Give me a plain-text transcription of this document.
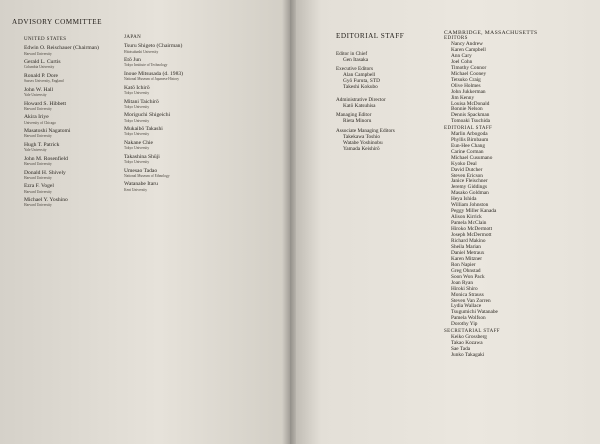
ADVISORY COMMITTEE
UNITED STATES
Edwin O. Reischauer (Chairman)
Harvard University
Gerald L. Curtis
Columbia University
Ronald P. Dore
Sussex University, England
John W. Hall
Yale University
Howard S. Hibbett
Harvard University
Akira Iriye
University of Chicago
Masatoshi Nagatomi
Harvard University
Hugh T. Patrick
Yale University
John M. Rosenfield
Harvard University
Donald H. Shively
Harvard University
Ezra F. Vogel
Harvard University
Michael Y. Yoshino
Harvard University
JAPAN
Tsuru Shigeto (Chairman)
Hitotsubashi University
Etō Jun
Tokyo Institute of Technology
Inoue Mitsusada (d. 1983)
National Museum of Japanese History
Katō Ichirō
Tokyo University
Mitani Taichirō
Tokyo University
Moriguchi Shigeichi
Tokyo University
Mukaibō Takashi
Tokyo University
Nakane Chie
Tokyo University
Takashina Shūji
Tokyo University
Umesao Tadao
National Museum of Ethnology
Watanabe Itaru
Kent University
EDITORIAL STAFF
Editor in Chief
Gen Itasaka
Executive Editors
Alan Campbell
Gyō Furuta, STD
Takeshi Kokubo
Administrative Director
Katō Katsuhisa
Managing Editor
Rieta Minoru
Associate Managing Editors
Takekawa Toshio
Watabe Yoshinobu
Yamada Keishirō
CAMBRIDGE, MASSACHUSETTS
EDITORS
Nancy Andrew
Karen Campbell
Ann Cary
Joel Cohn
Timothy Connor
Michael Cooney
Tetsuko Craig
Olive Holmes
John Jukkerman
Jim Kenny
Louisa McDonald
Bonnie Nelson
Dennis Spackman
Tomoaki Tsuchida
EDITORIAL STAFF
Marlin Arbogoda
Phyllis Birnbaum
Eun-Hee Chang
Carine Corman
Michael Cusumano
Kyoko Deal
David Dutcher
Steven Ericson
Janice Fleischner
Jeremy Giddings
Masako Goldman
Heya Ishida
William Johnston
Peggy Miller Kanada
Alison Kirrick
Pamela McClain
Hiroko McDermott
Joseph McDermott
Richard Makino
Sheila Marian
Daniel Metraux
Karen Mitzner
Ron Napier
Greg Ohnstad
Soon Won Pack
Joan Ryan
Hiroki Shiro
Monica Strauss
Steven Van Zorren
Lydia Wallace
Tsugumichi Watanabe
Pamela Wolfson
Dorothy Yip
SECRETARIAL STAFF
Keiko Grossberg
Takao Kozawa
Sae Tada
Junko Takagaki
